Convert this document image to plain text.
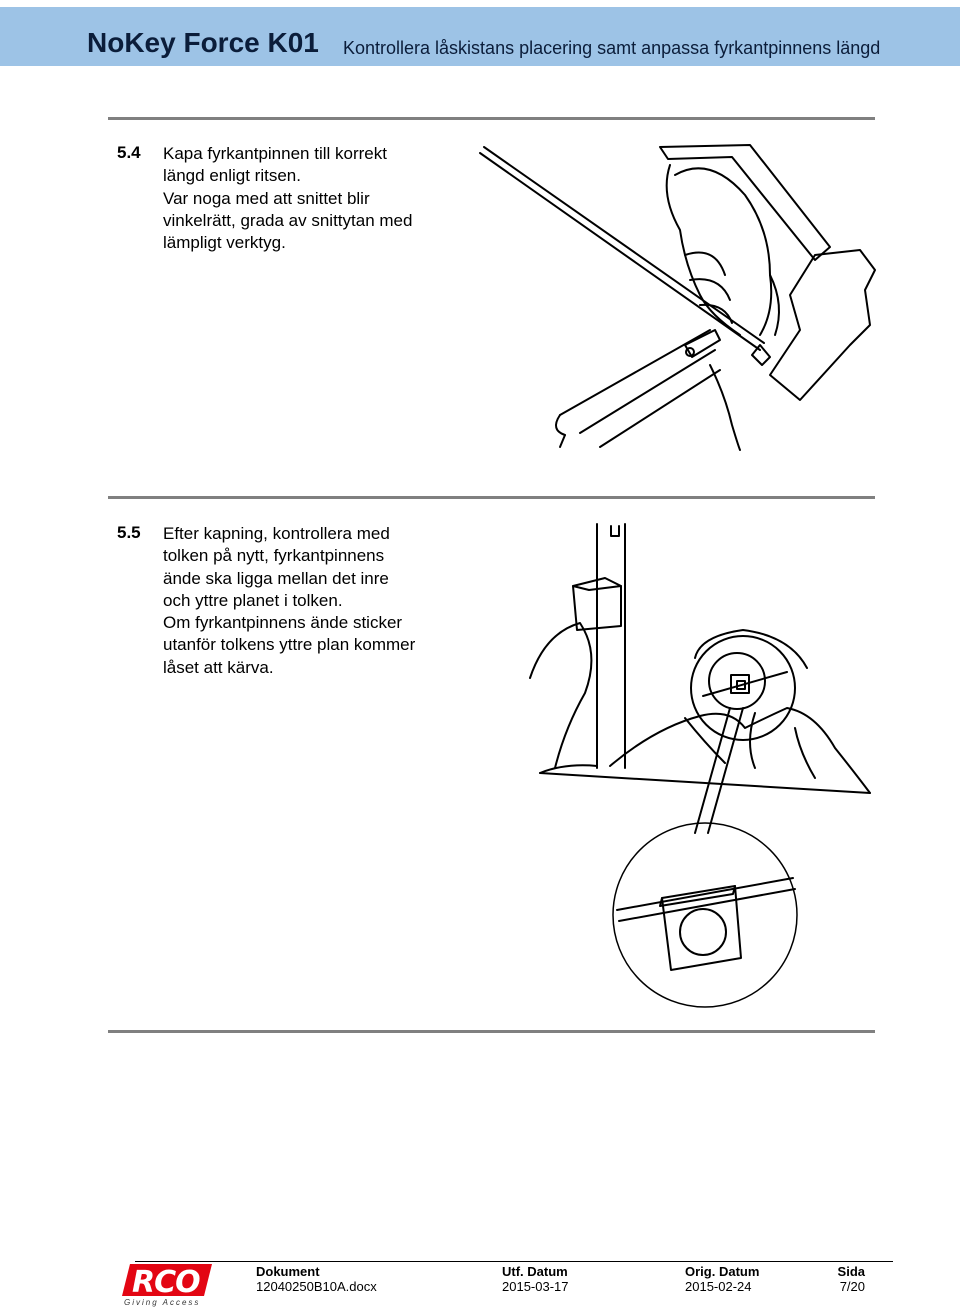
NoKey Force K01 Kontrollera låskistans placering samt anpassa fyrkantpinnens längd
5.4 Kapa fyrkantpinnen till korrekt
längd enligt ritsen.
Var noga med att snittet blir
vinkelrätt, grada av snittytan med
lämpligt verktyg.
5.5 Efter kapning, kontrollera med
tolken på nytt, fyrkantpinnens
ände ska ligga mellan det inre
och yttre planet i tolken.
Om fyrkantpinnens ände sticker
utanför tolkens yttre plan kommer
låset att kärva.
RCO
Giving Access
Dokument
12040250B10A.docx
Utf. Datum
2015-03-17
Orig. Datum
2015-02-24
Sida
7/20
